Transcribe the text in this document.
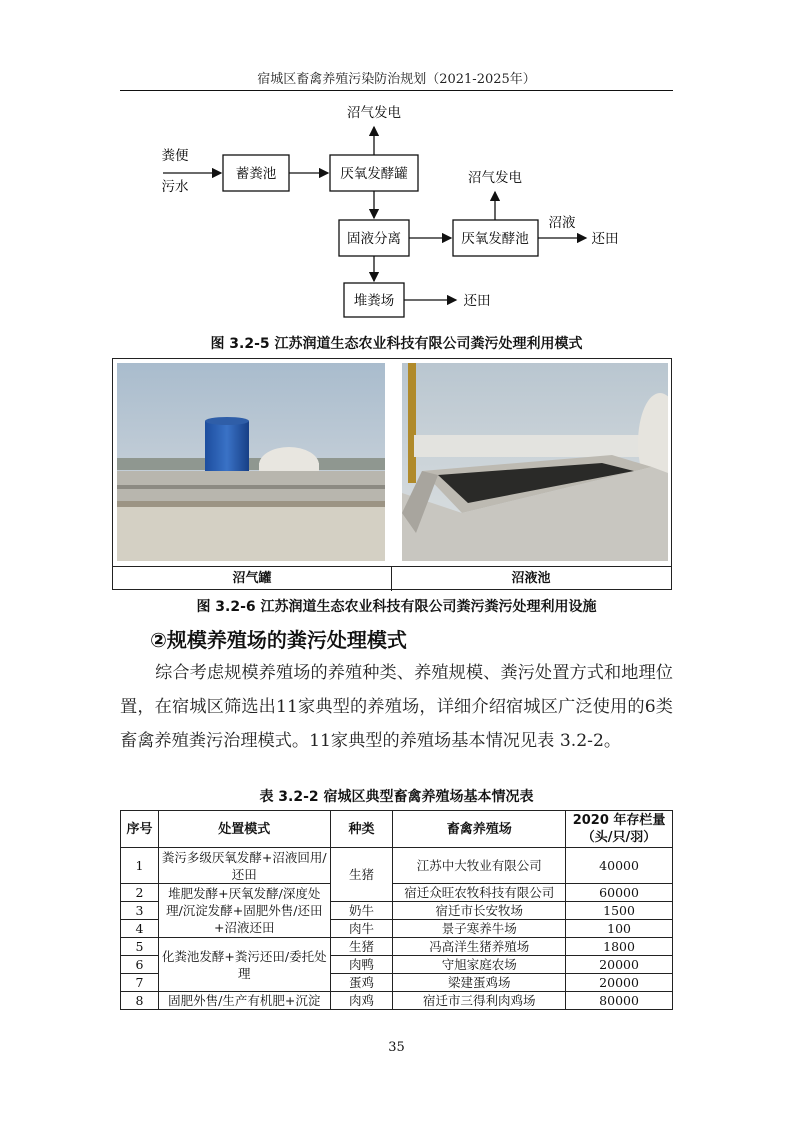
宿城区畜禽养殖污染防治规划（2021-2025年）
粪便
污水
蓄粪池	厌氧发酵罐
沼气发电
固液分离	厌氧发酵池
沼气发电
沼液
还田
堆粪场	还田
图 3.2-5 江苏润道生态农业科技有限公司粪污处理利用模式
沼气罐	沼液池
图 3.2-6 江苏润道生态农业科技有限公司粪污粪污处理利用设施
②规模养殖场的粪污处理模式
综合考虑规模养殖场的养殖种类、养殖规模、粪污处置方式和地理位置，在宿城区筛选出11家典型的养殖场，详细介绍宿城区广泛使用的6类畜禽养殖粪污治理模式。11家典型的养殖场基本情况见表 3.2-2。
表 3.2-2 宿城区典型畜禽养殖场基本情况表
序号	处置模式	种类	畜禽养殖场	2020 年存栏量
（头/只/羽）

1	粪污多级厌氧发酵+沼液回用/还田	生猪	江苏中大牧业有限公司	40000
2	堆肥发酵+厌氧发酵/深度处理/沉淀发酵+固肥外售/还田+沼液还田		宿迁众旺农牧科技有限公司	60000
3		奶牛	宿迁市长安牧场	1500
4		肉牛	景子寒养牛场	100
5	化粪池发酵+粪污还田/委托处理	生猪	冯高洋生猪养殖场	1800
6		肉鸭	守旭家庭农场	20000
7		蛋鸡	梁建蛋鸡场	20000
8	固肥外售/生产有机肥+沉淀	肉鸡	宿迁市三得利肉鸡场	80000
35
